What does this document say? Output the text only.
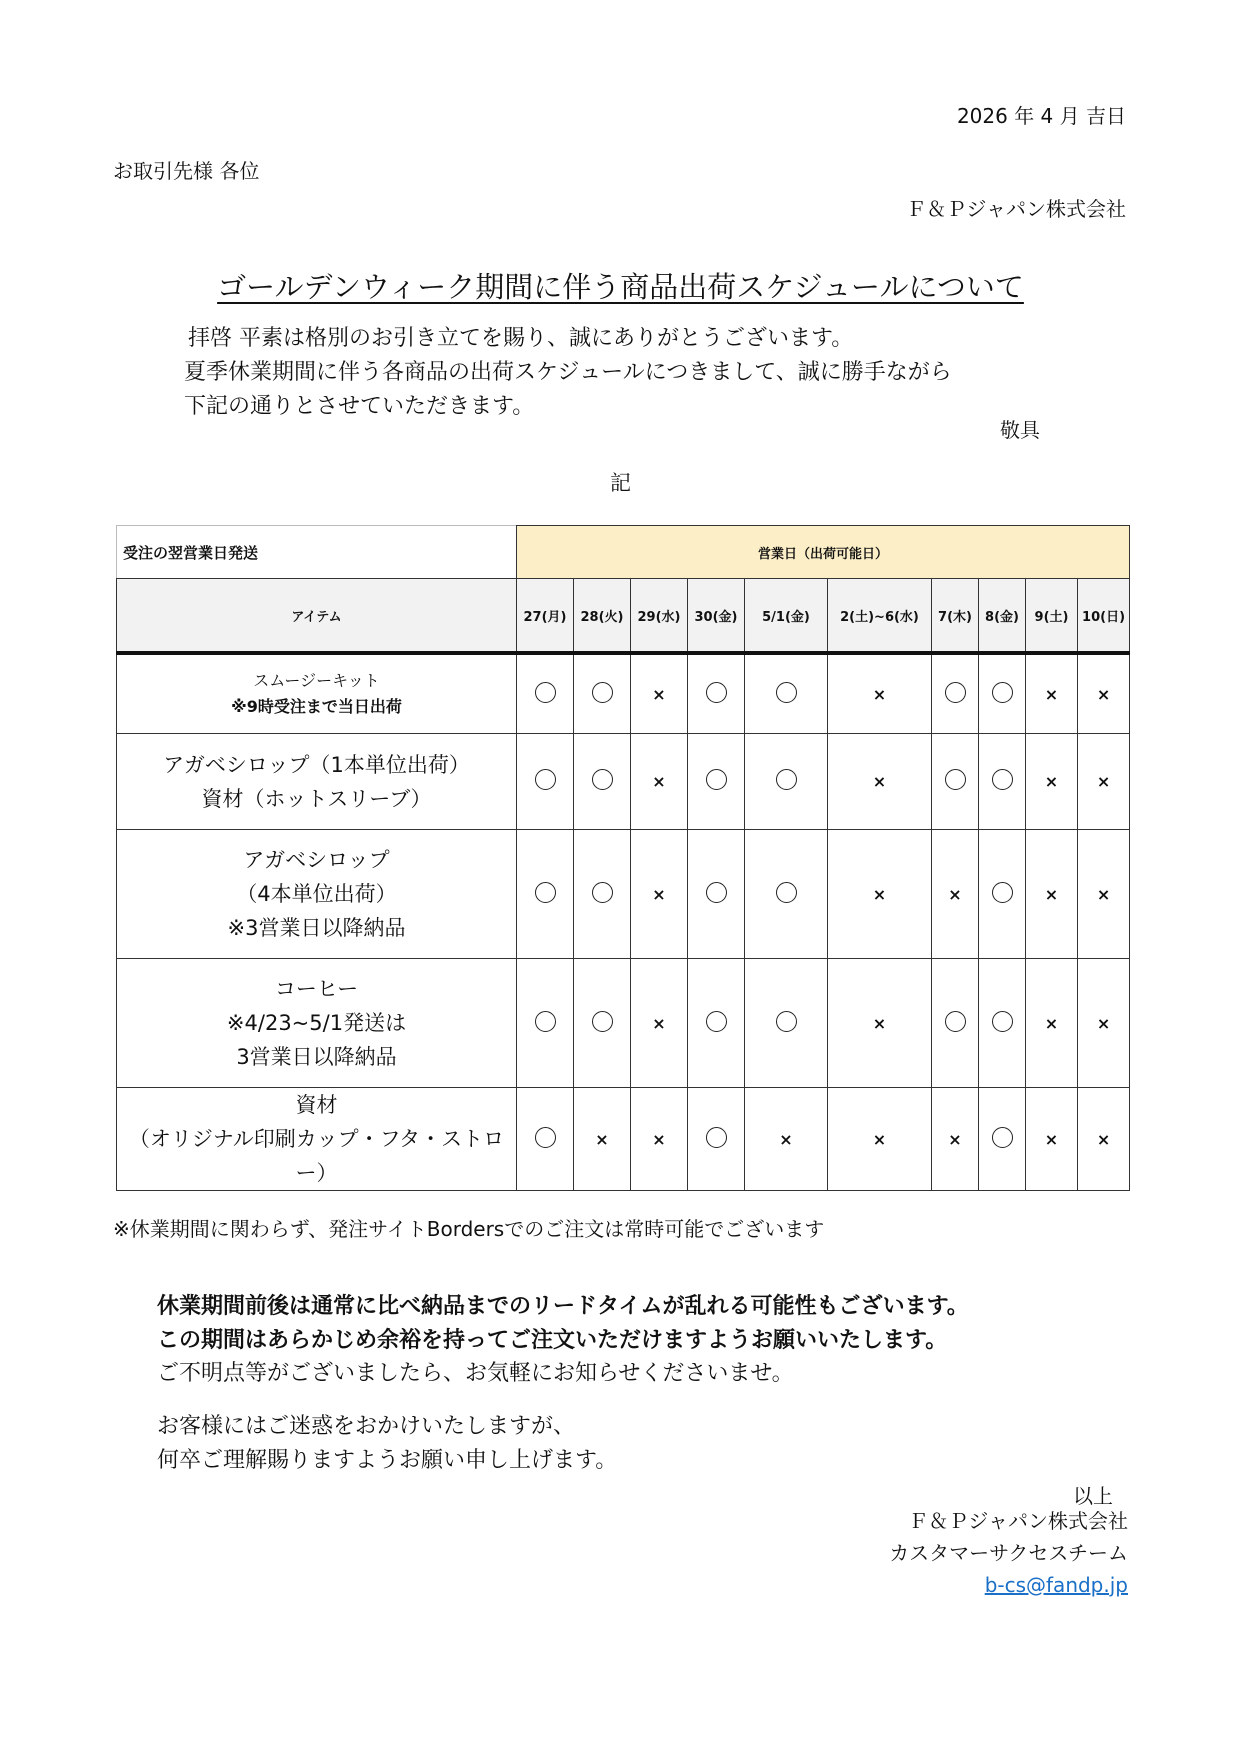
2026 年 4 月 吉日
お取引先様 各位
Ｆ＆Ｐジャパン株式会社
ゴールデンウィーク期間に伴う商品出荷スケジュールについて
拝啓 平素は格別のお引き立てを賜り、誠にありがとうございます。
夏季休業期間に伴う各商品の出荷スケジュールにつきまして、誠に勝手ながら
下記の通りとさせていただきます。
敬具
記
受注の翌営業日発送	営業日（出荷可能日）									
アイテム	27(月)	28(火)	29(水)	30(金)	5/1(金)	2(土)~6(水)	7(木)	8(金)	9(土)	10(日)

スムージーキット
※9時受注まで当日出荷			×			×			×	×

アガベシロップ（1本単位出荷）
資材（ホットスリーブ）			×			×			×	×

アガベシロップ
（4本単位出荷）
※3営業日以降納品			×			×	×		×	×

コーヒー
※4/23~5/1発送は
3営業日以降納品			×			×			×	×

資材
（オリジナル印刷カップ・フタ・ストロー）		×	×		×	×	×		×	×
※休業期間に関わらず、発注サイトBordersでのご注文は常時可能でございます
休業期間前後は通常に比べ納品までのリードタイムが乱れる可能性もございます。
この期間はあらかじめ余裕を持ってご注文いただけますようお願いいたします。
ご不明点等がございましたら、お気軽にお知らせくださいませ。
お客様にはご迷惑をおかけいたしますが、
何卒ご理解賜りますようお願い申し上げます。
以上
Ｆ＆Ｐジャパン株式会社
カスタマーサクセスチーム
b-cs@fandp.jp
